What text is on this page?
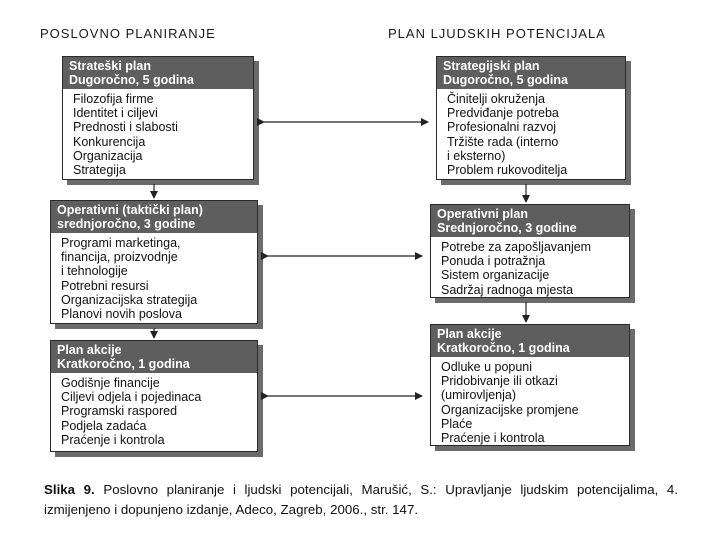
POSLOVNO PLANIRANJE	PLAN LJUDSKIH POTENCIJALA
Strateški plan
Dugoročno, 5 godina
Filozofija firme
Identitet i ciljevi
Prednosti i slabosti
Konkurencija
Organizacija
Strategija
Operativni (taktički plan)
srednjoročno, 3 godine
Programi marketinga,
financija, proizvodnje
i tehnologije
Potrebni resursi
Organizacijska strategija
Planovi novih poslova
Plan akcije
Kratkoročno, 1 godina
Godišnje financije
Ciljevi odjela i pojedinaca
Programski raspored
Podjela zadaća
Praćenje i kontrola
Strategijski plan
Dugoročno, 5 godina
Činitelji okruženja
Predviđanje potreba
Profesionalni razvoj
Tržište rada (interno
i eksterno)
Problem rukovoditelja
Operativni plan
Srednjoročno, 3 godine
Potrebe za zapošljavanjem
Ponuda i potražnja
Sistem organizacije
Sadržaj radnoga mjesta
Plan akcije
Kratkoročno, 1 godina
Odluke u popuni
Pridobivanje ili otkazi
(umirovljenja)
Organizacijske promjene
Plaće
Praćenje i kontrola
Slika 9. Poslovno planiranje i ljudski potencijali, Marušić, S.: Upravljanje ljudskim potencijalima, 4. izmijenjeno i dopunjeno izdanje, Adeco, Zagreb, 2006., str. 147.
